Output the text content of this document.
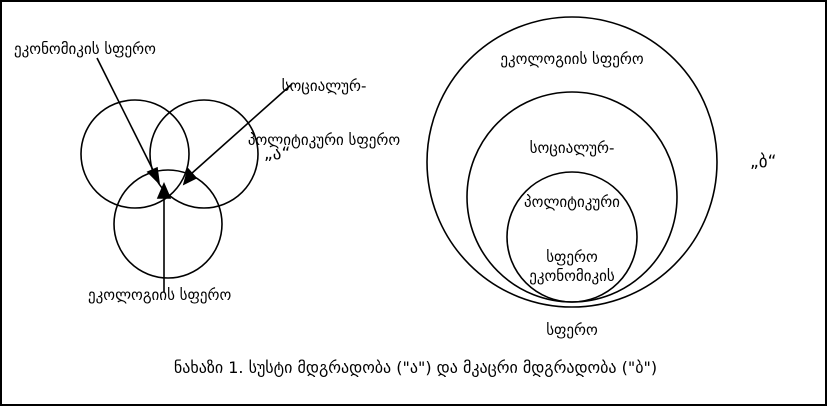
ეკონომიკის სფერო

სოციალურ-

პოლიტიკური სფერო

ეკოლოგიის სფერო
„ა“
ეკოლოგიის სფერო

სოციალურ-

პოლიტიკური

სფერო

ეკონომიკის

სფერო

„ბ“
ნახაზი 1. სუსტი მდგრადობა ("ა") და მკაცრი მდგრადობა ("ბ")
